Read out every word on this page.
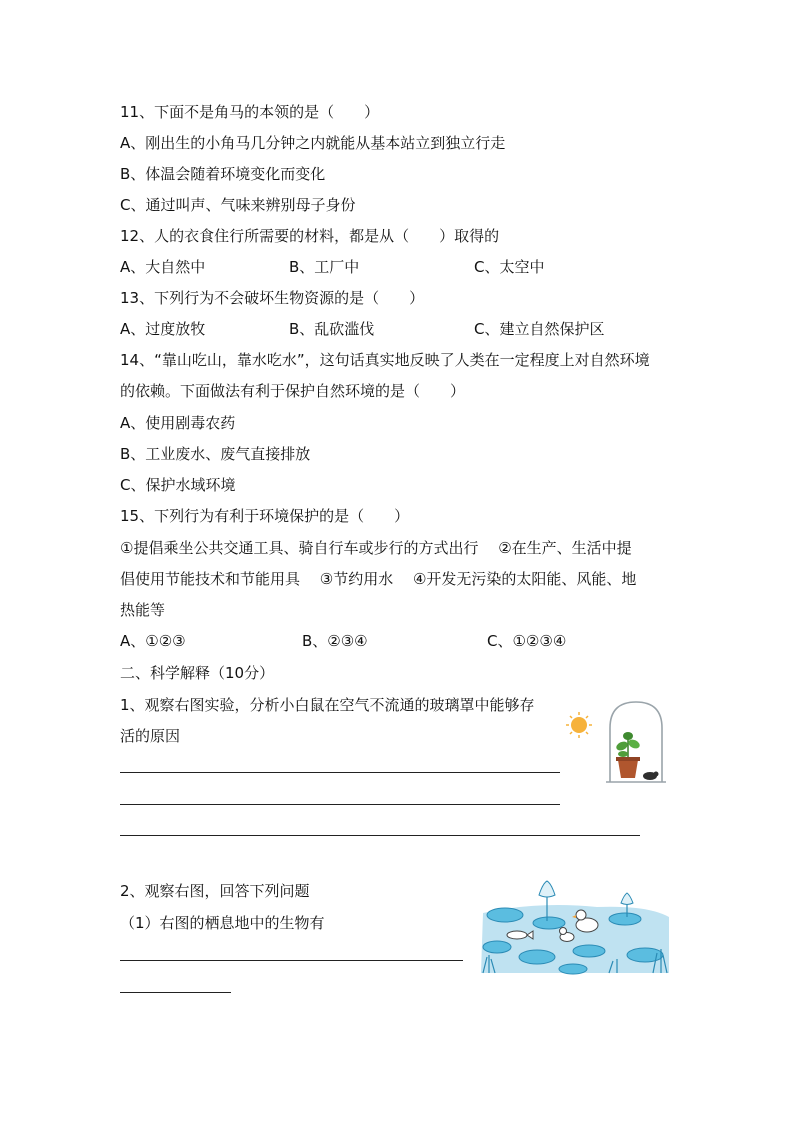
11、下面不是角马的本领的是（　　）
A、刚出生的小角马几分钟之内就能从基本站立到独立行走
B、体温会随着环境变化而变化
C、通过叫声、气味来辨别母子身份
12、人的衣食住行所需要的材料，都是从（　　）取得的
A、大自然中	B、工厂中	C、太空中
13、下列行为不会破坏生物资源的是（　　）
A、过度放牧	B、乱砍滥伐	C、建立自然保护区
14、“靠山吃山，靠水吃水”，这句话真实地反映了人类在一定程度上对自然环境
的依赖。下面做法有利于保护自然环境的是（　　）
A、使用剧毒农药
B、工业废水、废气直接排放
C、保护水域环境
15、下列行为有利于环境保护的是（　　）
①提倡乘坐公共交通工具、骑自行车或步行的方式出行　 ②在生产、生活中提
倡使用节能技术和节能用具　 ③节约用水　 ④开发无污染的太阳能、风能、地
热能等
A、①②③	B、②③④	C、①②③④
二、科学解释（10分）
1、观察右图实验，分析小白鼠在空气不流通的玻璃罩中能够存
活的原因
2、观察右图，回答下列问题
（1）右图的栖息地中的生物有
